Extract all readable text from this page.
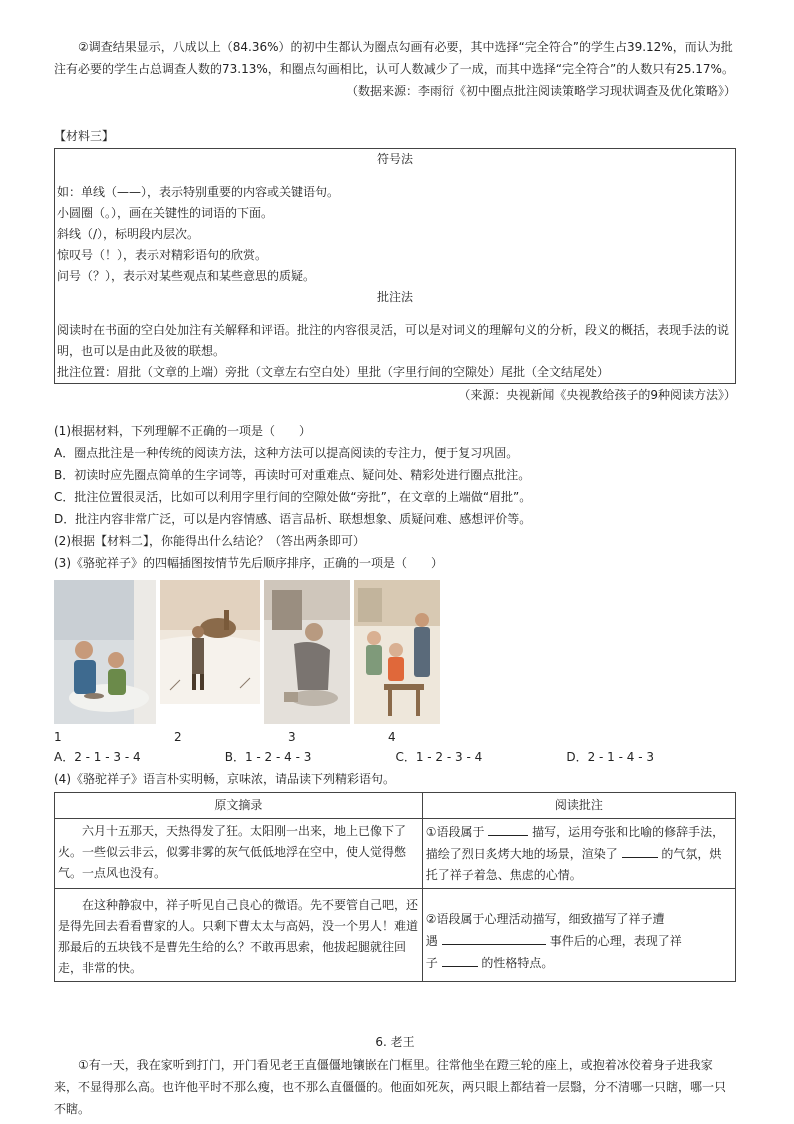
②调查结果显示，八成以上（84.36%）的初中生都认为圈点勾画有必要，其中选择“完全符合”的学生占39.12%，而认为批注有必要的学生占总调查人数的73.13%，和圈点勾画相比，认可人数减少了一成，而其中选择“完全符合”的人数只有25.17%。

（数据来源：李雨衍《初中圈点批注阅读策略学习现状调查及优化策略》）

【材料三】

符号法

如：单线（——），表示特别重要的内容或关键语句。

小圆圈（。），画在关键性的词语的下面。

斜线（/），标明段内层次。

惊叹号（！），表示对精彩语句的欣赏。

问号（？），表示对某些观点和某些意思的质疑。

批注法

阅读时在书面的空白处加注有关解释和评语。批注的内容很灵活，可以是对词义的理解句义的分析，段义的概括，表现手法的说明，也可以是由此及彼的联想。

批注位置：眉批（文章的上端）旁批（文章左右空白处）里批（字里行间的空隙处）尾批（全文结尾处）

（来源：央视新闻《央视教给孩子的9种阅读方法》）

(1)根据材料，下列理解不正确的一项是（　　）

A．圈点批注是一种传统的阅读方法，这种方法可以提高阅读的专注力，便于复习巩固。

B．初读时应先圈点简单的生字词等，再读时可对重难点、疑问处、精彩处进行圈点批注。

C．批注位置很灵活，比如可以利用字里行间的空隙处做“旁批”，在文章的上端做“眉批”。

D．批注内容非常广泛，可以是内容情感、语言品析、联想想象、质疑问难、感想评价等。

(2)根据【材料二】，你能得出什么结论？（答出两条即可）

(3)《骆驼祥子》的四幅插图按情节先后顺序排序，正确的一项是（　　）

1	2	3	4
A．2 - 1 - 3 - 4	B．1 - 2 - 4 - 3	C．1 - 2 - 3 - 4	D．2 - 1 - 4 - 3

(4)《骆驼祥子》语言朴实明畅，京味浓，请品读下列精彩语句。

原文摘录	阅读批注
六月十五那天，天热得发了狂。太阳刚一出来，地上已像下了火。一些似云非云，似雾非雾的灰气低低地浮在空中，使人觉得憋气。一点风也没有。	①语段属于 描写，运用夸张和比喻的修辞手法，描绘了烈日炙烤大地的场景，渲染了 的气氛，烘托了祥子着急、焦虑的心情。
在这种静寂中，祥子听见自己良心的微语。先不要管自己吧，还是得先回去看看曹家的人。只剩下曹太太与高妈，没一个男人！难道那最后的五块钱不是曹先生给的么？不敢再思索，他拔起腿就往回走，非常的快。	②语段属于心理活动描写，细致描写了祥子遭
遇 事件后的心理，表现了祥
子 的性格特点。

6. 老王

①有一天，我在家听到打门，开门看见老王直僵僵地镶嵌在门框里。往常他坐在蹬三轮的座上，或抱着冰佼着身子进我家来，不显得那么高。也许他平时不那么瘦，也不那么直僵僵的。他面如死灰，两只眼上都结着一层翳，分不清哪一只瞎，哪一只不瞎。
